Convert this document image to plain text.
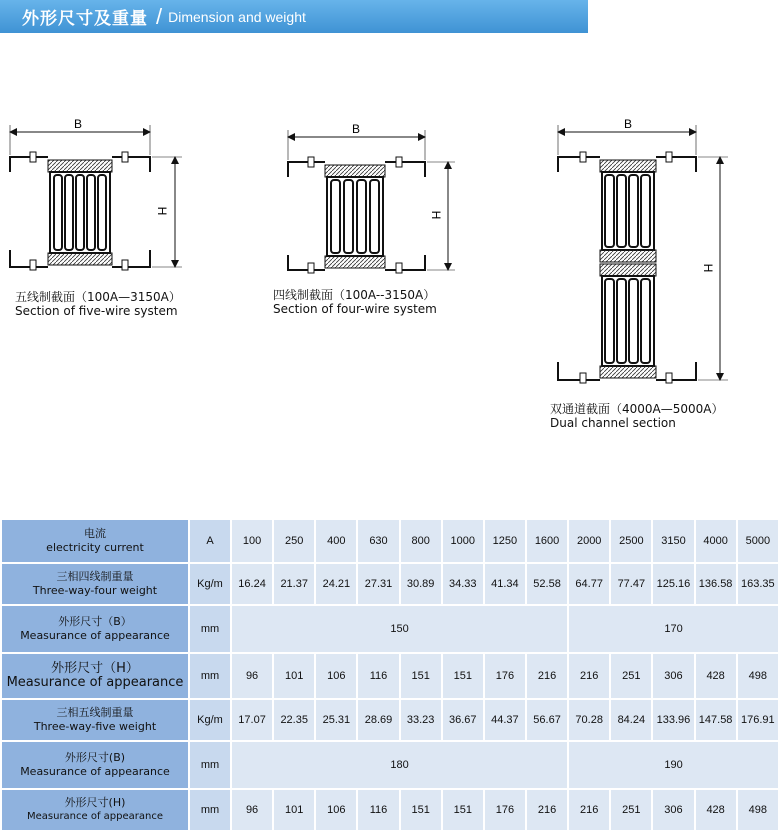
外形尺寸及重量 / Dimension and weight
B
H
五线制截面（100A—3150A）
Section of five-wire system
B
H
四线制截面（100A--3150A）
Section of four-wire system
B
H
双通道截面（4000A—5000A）
Dual channel section
电流
electricity current	A	100	250	400	630	800	1000	1250	1600	2000	2500	3150	4000	5000

三相四线制重量
Three-way-four weight	Kg/m	16.24	21.37	24.21	27.31	30.89	34.33	41.34	52.58	64.77	77.47	125.16	136.58	163.35

外形尺寸（B）
Measurance of appearance	mm	150								170				

外形尺寸（H）
Measurance of appearance	mm	96	101	106	116	151	151	176	216	216	251	306	428	498

三相五线制重量
Three-way-five weight	Kg/m	17.07	22.35	25.31	28.69	33.23	36.67	44.37	56.67	70.28	84.24	133.96	147.58	176.91

外形尺寸(B)
Measurance of appearance	mm	180								190				

外形尺寸(H)
Measurance of appearance	mm	96	101	106	116	151	151	176	216	216	251	306	428	498
